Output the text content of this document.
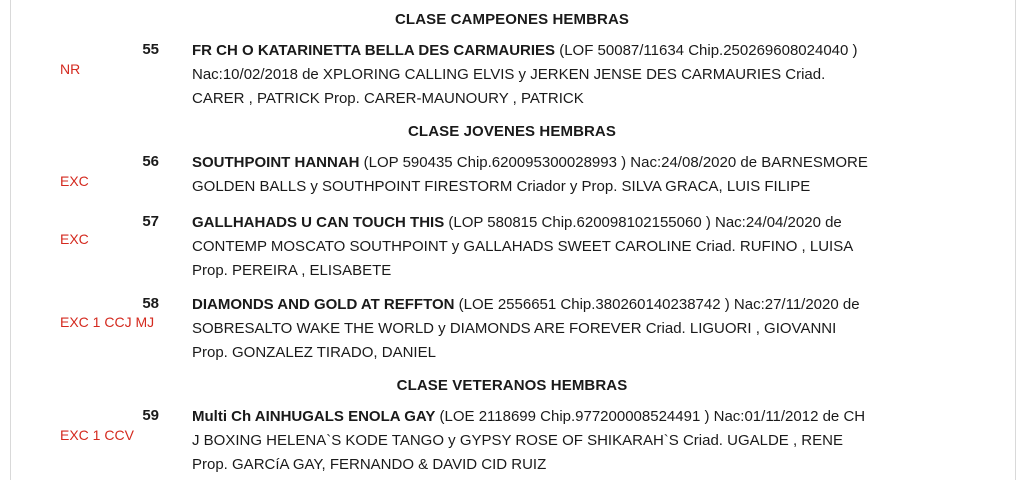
CLASE CAMPEONES HEMBRAS
NR
55 FR CH O KATARINETTA BELLA DES CARMAURIES (LOF 50087/11634 Chip.250269608024040 )
Nac:10/02/2018 de XPLORING CALLING ELVIS y JERKEN JENSE DES CARMAURIES Criad.
CARER , PATRICK Prop. CARER-MAUNOURY , PATRICK
CLASE JOVENES HEMBRAS
EXC
56 SOUTHPOINT HANNAH (LOP 590435 Chip.620095300028993 ) Nac:24/08/2020 de BARNESMORE
GOLDEN BALLS y SOUTHPOINT FIRESTORM Criador y Prop. SILVA GRACA, LUIS FILIPE
EXC
57 GALLHAHADS U CAN TOUCH THIS (LOP 580815 Chip.620098102155060 ) Nac:24/04/2020 de
CONTEMP MOSCATO SOUTHPOINT y GALLAHADS SWEET CAROLINE Criad. RUFINO , LUISA
Prop. PEREIRA , ELISABETE
EXC 1 CCJ MJ
58 DIAMONDS AND GOLD AT REFFTON (LOE 2556651 Chip.380260140238742 ) Nac:27/11/2020 de
SOBRESALTO WAKE THE WORLD y DIAMONDS ARE FOREVER Criad. LIGUORI , GIOVANNI
Prop. GONZALEZ TIRADO, DANIEL
CLASE VETERANOS HEMBRAS
EXC 1 CCV
59 Multi Ch AINHUGALS ENOLA GAY (LOE 2118699 Chip.977200008524491 ) Nac:01/11/2012 de CH
J BOXING HELENA`S KODE TANGO y GYPSY ROSE OF SHIKARAH`S Criad. UGALDE , RENE
Prop. GARCíA GAY, FERNANDO & DAVID CID RUIZ
